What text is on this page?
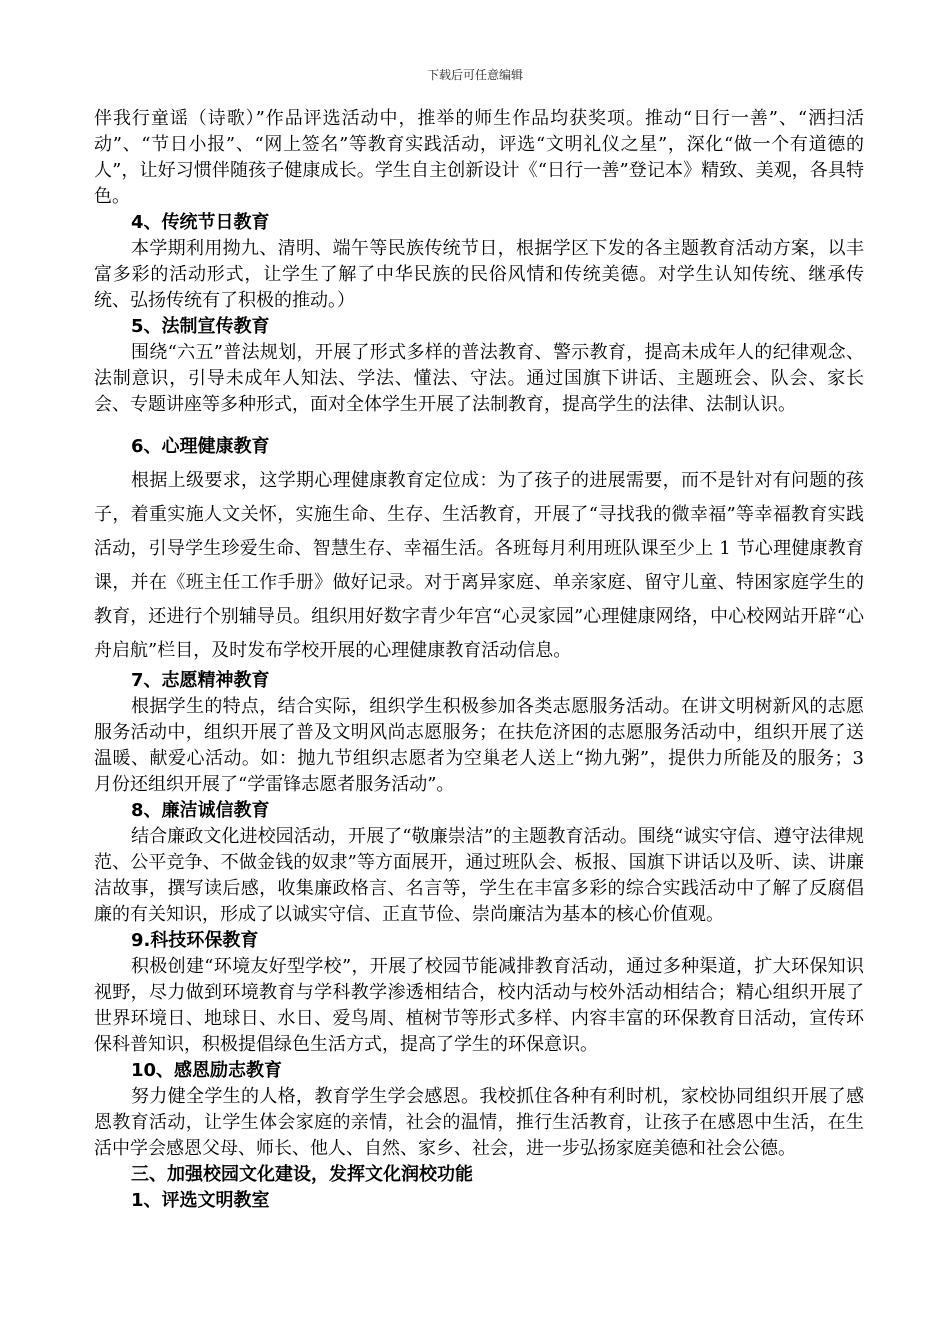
下载后可任意编辑

伴我行童谣（诗歌）”作品评选活动中，推举的师生作品均获奖项。推动“日行一善”、“洒扫活动”、“节日小报”、“网上签名”等教育实践活动，评选“文明礼仪之星”，深化“做一个有道德的人”，让好习惯伴随孩子健康成长。学生自主创新设计《“日行一善”登记本》精致、美观，各具特色。

4、传统节日教育

本学期利用拗九、清明、端午等民族传统节日，根据学区下发的各主题教育活动方案，以丰富多彩的活动形式，让学生了解了中华民族的民俗风情和传统美德。对学生认知传统、继承传统、弘扬传统有了积极的推动。）

5、法制宣传教育

围绕“六五”普法规划，开展了形式多样的普法教育、警示教育，提高未成年人的纪律观念、法制意识，引导未成年人知法、学法、懂法、守法。通过国旗下讲话、主题班会、队会、家长会、专题讲座等多种形式，面对全体学生开展了法制教育，提高学生的法律、法制认识。

6、心理健康教育

根据上级要求，这学期心理健康教育定位成：为了孩子的进展需要，而不是针对有问题的孩子，着重实施人文关怀，实施生命、生存、生活教育，开展了“寻找我的微幸福”等幸福教育实践活动，引导学生珍爱生命、智慧生存、幸福生活。各班每月利用班队课至少上 1 节心理健康教育课，并在《班主任工作手册》做好记录。对于离异家庭、单亲家庭、留守儿童、特困家庭学生的教育，还进行个别辅导员。组织用好数字青少年宫“心灵家园”心理健康网络，中心校网站开辟“心舟启航”栏目，及时发布学校开展的心理健康教育活动信息。

7、志愿精神教育

根据学生的特点，结合实际，组织学生积极参加各类志愿服务活动。在讲文明树新风的志愿服务活动中，组织开展了普及文明风尚志愿服务；在扶危济困的志愿服务活动中，组织开展了送温暖、献爱心活动。如：抛九节组织志愿者为空巢老人送上“拗九粥”，提供力所能及的服务；3 月份还组织开展了“学雷锋志愿者服务活动”。

8、廉洁诚信教育

结合廉政文化进校园活动，开展了“敬廉崇洁”的主题教育活动。围绕“诚实守信、遵守法律规范、公平竞争、不做金钱的奴隶”等方面展开，通过班队会、板报、国旗下讲话以及听、读、讲廉洁故事，撰写读后感，收集廉政格言、名言等，学生在丰富多彩的综合实践活动中了解了反腐倡廉的有关知识，形成了以诚实守信、正直节俭、崇尚廉洁为基本的核心价值观。

9.科技环保教育

积极创建“环境友好型学校”，开展了校园节能减排教育活动，通过多种渠道，扩大环保知识视野，尽力做到环境教育与学科教学渗透相结合，校内活动与校外活动相结合；精心组织开展了世界环境日、地球日、水日、爱鸟周、植树节等形式多样、内容丰富的环保教育日活动，宣传环保科普知识，积极提倡绿色生活方式，提高了学生的环保意识。

10、感恩励志教育

努力健全学生的人格，教育学生学会感恩。我校抓住各种有利时机，家校协同组织开展了感恩教育活动，让学生体会家庭的亲情，社会的温情，推行生活教育，让孩子在感恩中生活，在生活中学会感恩父母、师长、他人、自然、家乡、社会，进一步弘扬家庭美德和社会公德。

三、加强校园文化建设，发挥文化润校功能

1、评选文明教室
